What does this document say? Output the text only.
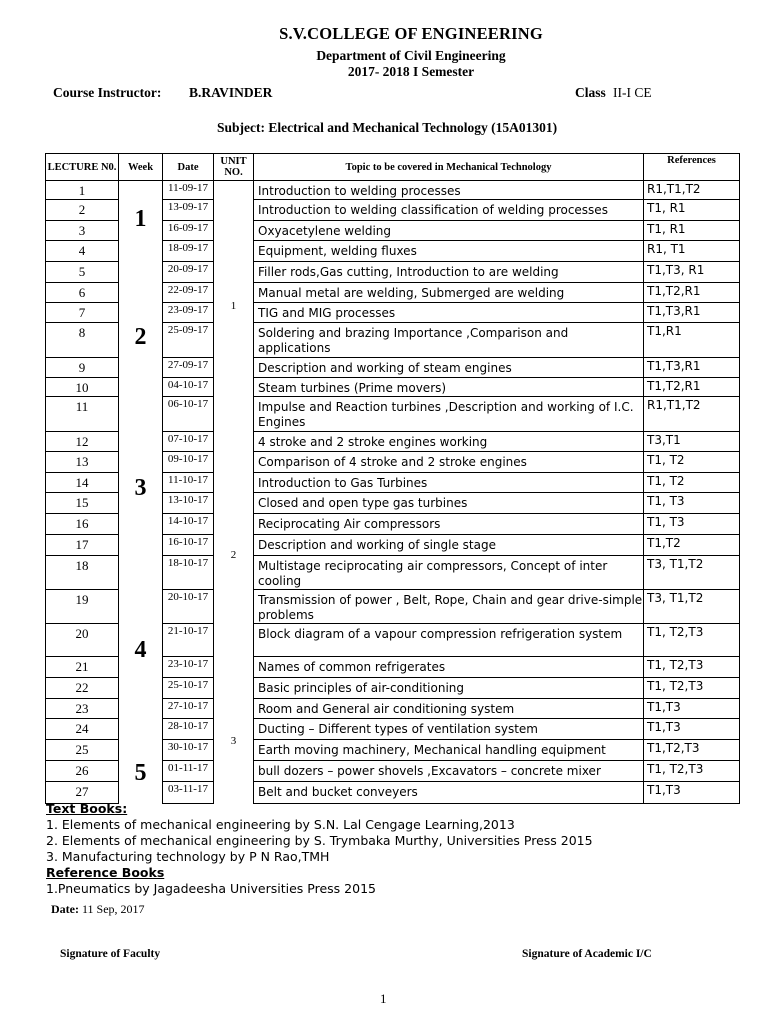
S.V.COLLEGE OF ENGINEERING
Department of Civil Engineering
2017- 2018 I Semester
Course Instructor: B.RAVINDER	Class II-I CE
Subject: Electrical and Mechanical Technology (15A01301)
LECTURE N0.	Week	Date	UNIT NO.	Topic to be covered in Mechanical Technology	References
1	1	11-09-17	1	Introduction to welding processes	R1,T1,T2
2		13-09-17		Introduction to welding classification of welding processes	T1, R1
3		16-09-17		Oxyacetylene welding	T1, R1
4		18-09-17		Equipment, welding fluxes	R1, T1
5		20-09-17		Filler rods,Gas cutting, Introduction to are welding	T1,T3, R1
6		22-09-17		Manual metal are welding, Submerged are welding	T1,T2,R1
7		23-09-17		TIG and MIG processes	T1,T3,R1
8	2	25-09-17		Soldering and brazing Importance ,Comparison and applications	T1,R1
9		27-09-17		Description and working of steam engines	T1,T3,R1
10		04-10-17		Steam turbines (Prime movers)	T1,T2,R1
11		06-10-17		Impulse and Reaction turbines ,Description and working of I.C. Engines	R1,T1,T2
12	3	07-10-17	2	4 stroke and 2 stroke engines working	T3,T1
13		09-10-17		Comparison of 4 stroke and 2 stroke engines	T1, T2
14		11-10-17		Introduction to Gas Turbines	T1, T2
15		13-10-17		Closed and open type gas turbines	T1, T3
16		14-10-17		Reciprocating Air compressors	T1, T3
17		16-10-17		Description and working of single stage	T1,T2
18		18-10-17		Multistage reciprocating air compressors, Concept of inter cooling	T3, T1,T2
19		20-10-17		Transmission of power , Belt, Rope, Chain and gear drive-simple problems	T3, T1,T2
20	4	21-10-17		Block diagram of a vapour compression refrigeration system	T1, T2,T3
21		23-10-17		Names of common refrigerates	T1, T2,T3
22		25-10-17	3	Basic principles of air-conditioning	T1, T2,T3
23		27-10-17		Room and General air conditioning system	T1,T3
24	5	28-10-17		Ducting – Different types of ventilation system	T1,T3
25		30-10-17		Earth moving machinery, Mechanical handling equipment	T1,T2,T3
26		01-11-17		bull dozers – power shovels ,Excavators – concrete mixer	T1, T2,T3
27		03-11-17		Belt and bucket conveyers	T1,T3
Text Books:
1. Elements of mechanical engineering by S.N. Lal Cengage Learning,2013
2. Elements of mechanical engineering by S. Trymbaka Murthy, Universities Press 2015
3. Manufacturing technology by P N Rao,TMH
Reference Books
1.Pneumatics by Jagadeesha Universities Press 2015
Date: 11 Sep, 2017
Signature of Faculty	Signature of Academic I/C
1
